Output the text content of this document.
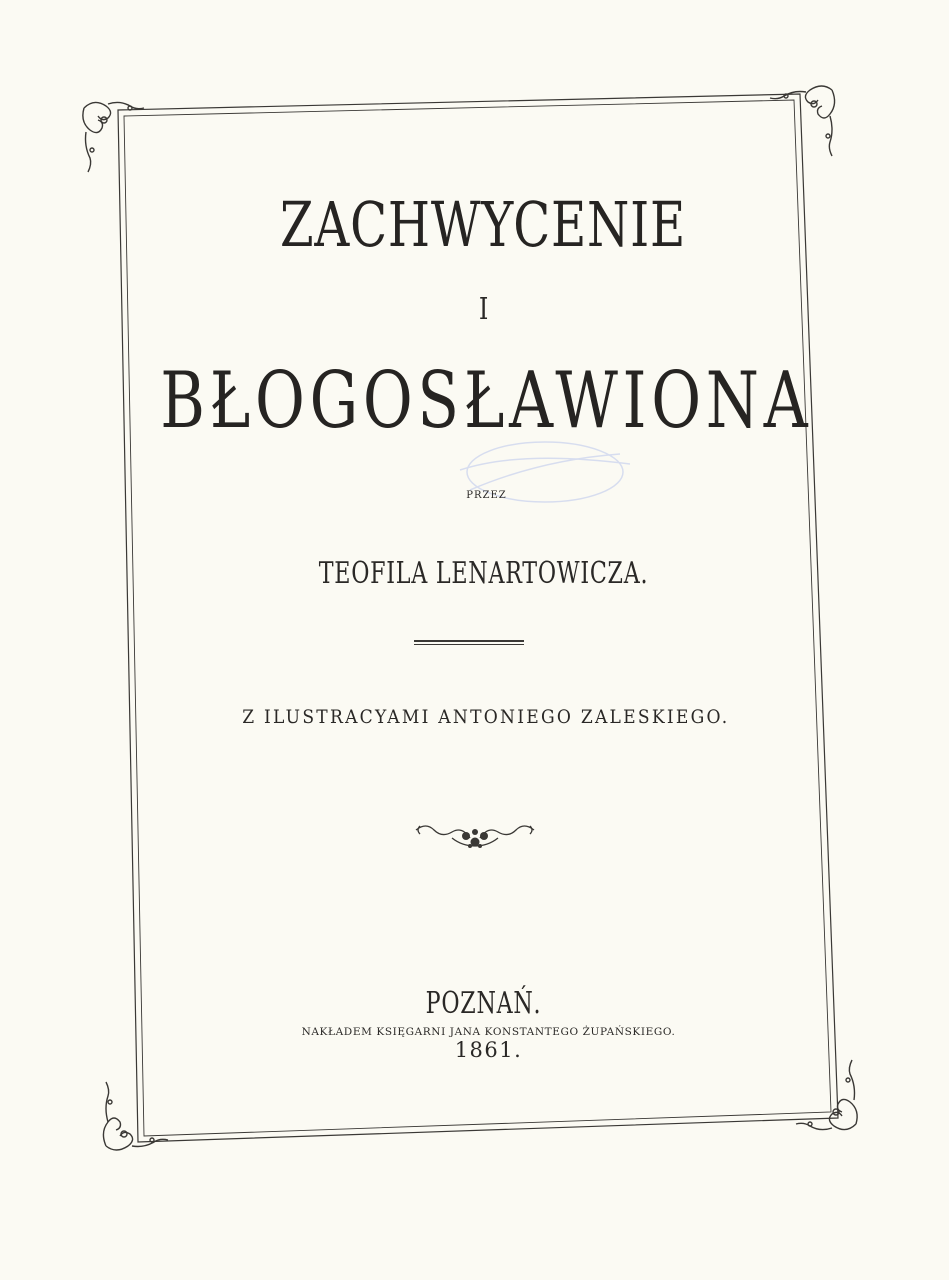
ZACHWYCENIE
I
BŁOGOSŁAWIONA
PRZEZ
TEOFILA LENARTOWICZA.
Z ILUSTRACYAMI ANTONIEGO ZALESKIEGO.
POZNAŃ.
NAKŁADEM KSIĘGARNI JANA KONSTANTEGO ŻUPAŃSKIEGO.
1861.
